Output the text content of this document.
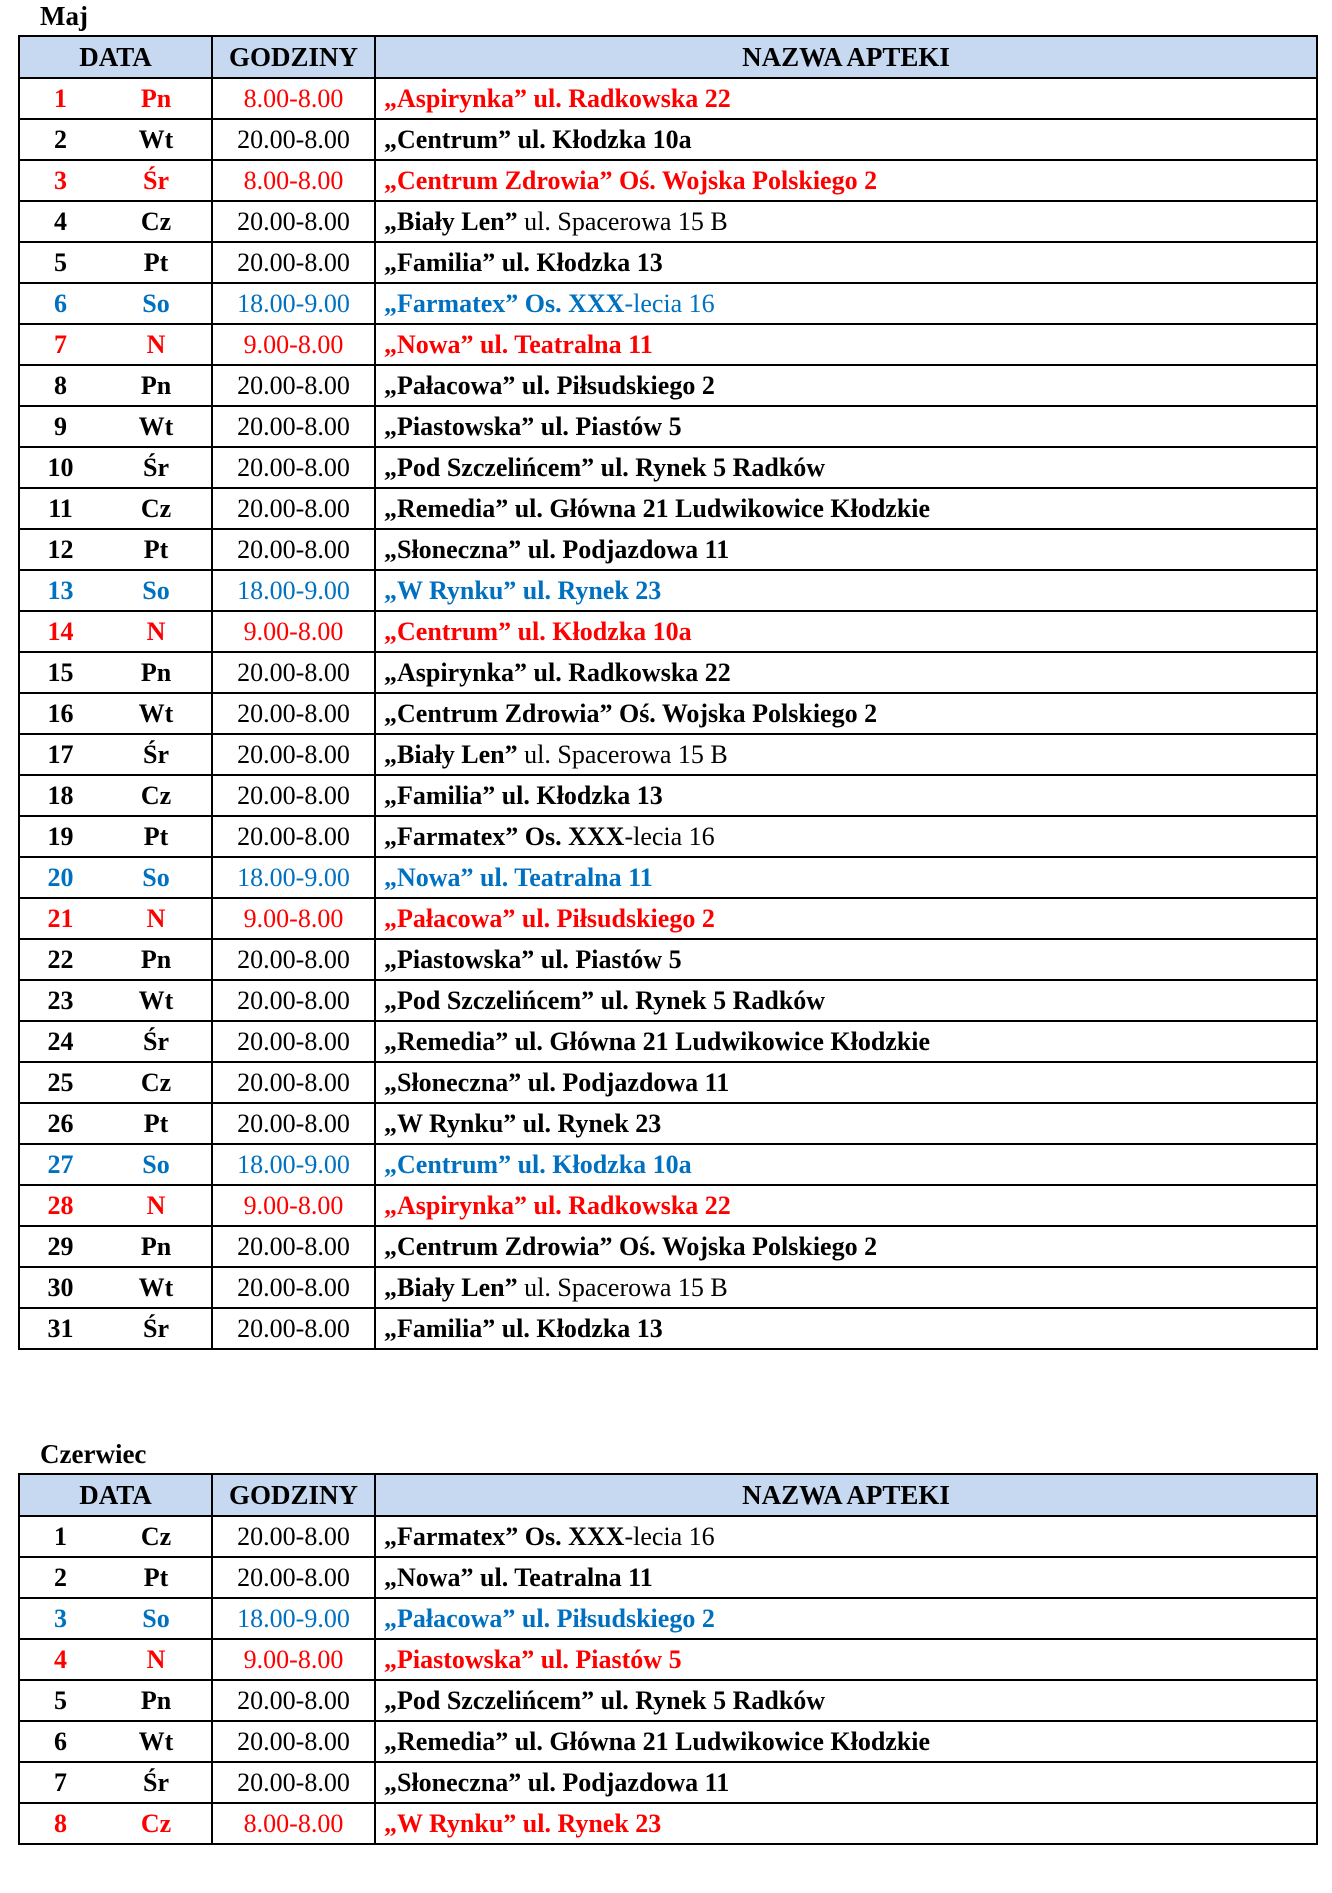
Maj
DATA		GODZINY	NAZWA APTEKI
1	Pn	8.00-8.00	„Aspirynka” ul. Radkowska 22
2	Wt	20.00-8.00	„Centrum” ul. Kłodzka 10a
3	Śr	8.00-8.00	„Centrum Zdrowia” Oś. Wojska Polskiego 2
4	Cz	20.00-8.00	„Biały Len” ul. Spacerowa 15 B
5	Pt	20.00-8.00	„Familia” ul. Kłodzka 13
6	So	18.00-9.00	„Farmatex” Os. XXX-lecia 16
7	N	9.00-8.00	„Nowa” ul. Teatralna 11
8	Pn	20.00-8.00	„Pałacowa” ul. Piłsudskiego 2
9	Wt	20.00-8.00	„Piastowska” ul. Piastów 5
10	Śr	20.00-8.00	„Pod Szczelińcem” ul. Rynek 5 Radków
11	Cz	20.00-8.00	„Remedia” ul. Główna 21 Ludwikowice Kłodzkie
12	Pt	20.00-8.00	„Słoneczna” ul. Podjazdowa 11
13	So	18.00-9.00	„W Rynku” ul. Rynek 23
14	N	9.00-8.00	„Centrum” ul. Kłodzka 10a
15	Pn	20.00-8.00	„Aspirynka” ul. Radkowska 22
16	Wt	20.00-8.00	„Centrum Zdrowia” Oś. Wojska Polskiego 2
17	Śr	20.00-8.00	„Biały Len” ul. Spacerowa 15 B
18	Cz	20.00-8.00	„Familia” ul. Kłodzka 13
19	Pt	20.00-8.00	„Farmatex” Os. XXX-lecia 16
20	So	18.00-9.00	„Nowa” ul. Teatralna 11
21	N	9.00-8.00	„Pałacowa” ul. Piłsudskiego 2
22	Pn	20.00-8.00	„Piastowska” ul. Piastów 5
23	Wt	20.00-8.00	„Pod Szczelińcem” ul. Rynek 5 Radków
24	Śr	20.00-8.00	„Remedia” ul. Główna 21 Ludwikowice Kłodzkie
25	Cz	20.00-8.00	„Słoneczna” ul. Podjazdowa 11
26	Pt	20.00-8.00	„W Rynku” ul. Rynek 23
27	So	18.00-9.00	„Centrum” ul. Kłodzka 10a
28	N	9.00-8.00	„Aspirynka” ul. Radkowska 22
29	Pn	20.00-8.00	„Centrum Zdrowia” Oś. Wojska Polskiego 2
30	Wt	20.00-8.00	„Biały Len” ul. Spacerowa 15 B
31	Śr	20.00-8.00	„Familia” ul. Kłodzka 13
Czerwiec
DATA		GODZINY	NAZWA APTEKI
1	Cz	20.00-8.00	„Farmatex” Os. XXX-lecia 16
2	Pt	20.00-8.00	„Nowa” ul. Teatralna 11
3	So	18.00-9.00	„Pałacowa” ul. Piłsudskiego 2
4	N	9.00-8.00	„Piastowska” ul. Piastów 5
5	Pn	20.00-8.00	„Pod Szczelińcem” ul. Rynek 5 Radków
6	Wt	20.00-8.00	„Remedia” ul. Główna 21 Ludwikowice Kłodzkie
7	Śr	20.00-8.00	„Słoneczna” ul. Podjazdowa 11
8	Cz	8.00-8.00	„W Rynku” ul. Rynek 23
